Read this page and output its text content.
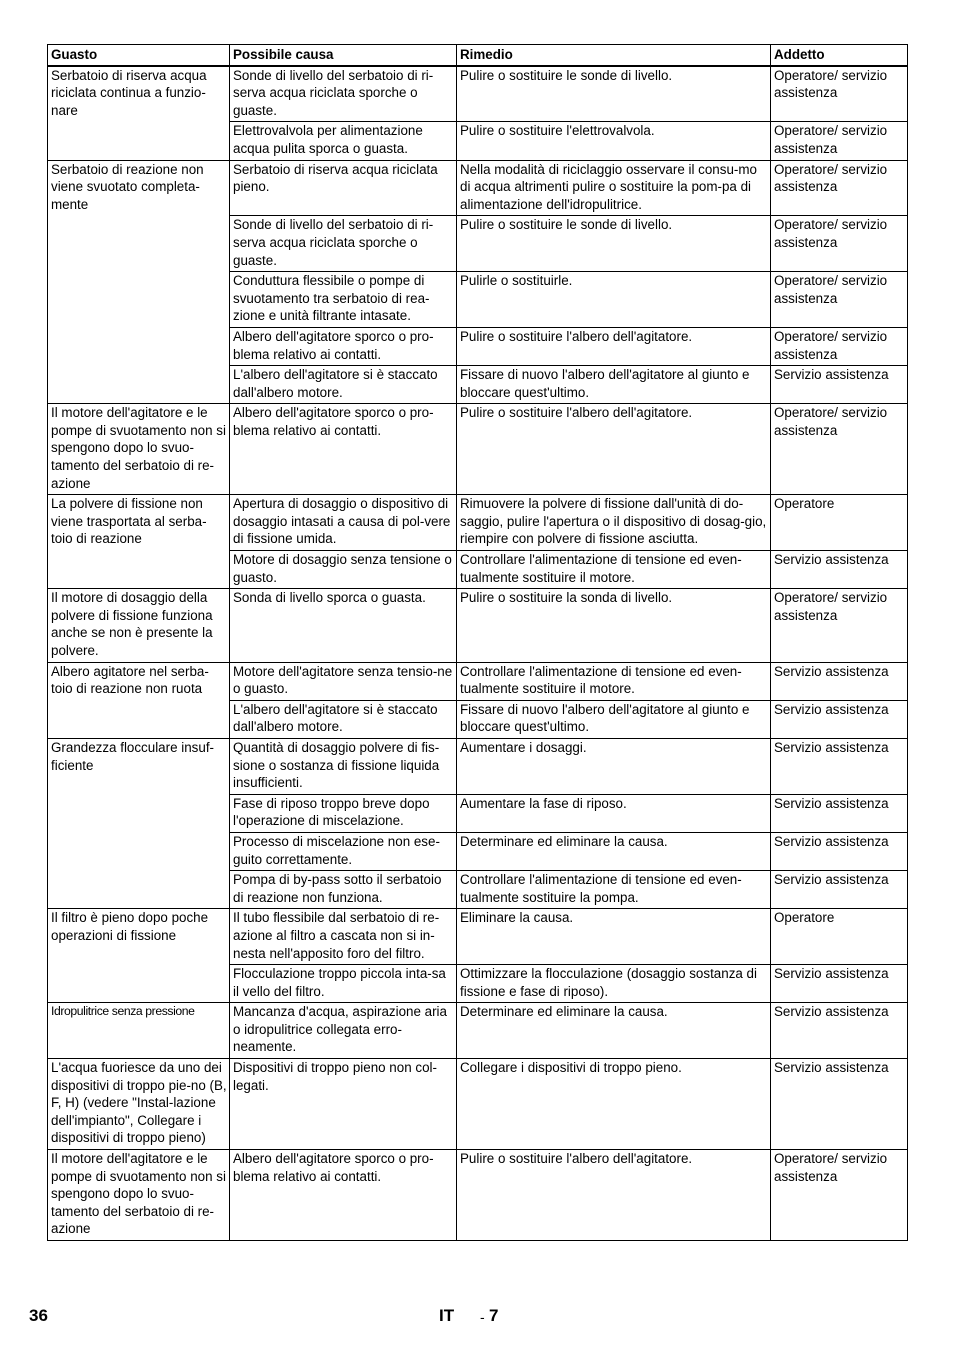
Guasto	Possibile causa	Rimedio	Addetto

Serbatoio di riserva acqua riciclata continua a funzio-nare	Sonde di livello del serbatoio di ri-serva acqua riciclata sporche o guaste.	Pulire o sostituire le sonde di livello.	Operatore/ servizio assistenza

	Elettrovalvola per alimentazione acqua pulita sporca o guasta.	Pulire o sostituire l'elettrovalvola.	Operatore/ servizio assistenza

Serbatoio di reazione non viene svuotato completa-mente	Serbatoio di riserva acqua riciclata pieno.	Nella modalità di riciclaggio osservare il consu-mo di acqua altrimenti pulire o sostituire la pom-pa di alimentazione dell'idropulitrice.	Operatore/ servizio assistenza

	Sonde di livello del serbatoio di ri-serva acqua riciclata sporche o guaste.	Pulire o sostituire le sonde di livello.	Operatore/ servizio assistenza

	Conduttura flessibile o pompe di svuotamento tra serbatoio di rea-zione e unità filtrante intasate.	Pulirle o sostituirle.	Operatore/ servizio assistenza

	Albero dell'agitatore sporco o pro-blema relativo ai contatti.	Pulire o sostituire l'albero dell'agitatore.	Operatore/ servizio assistenza

	L'albero dell'agitatore si è staccato dall'albero motore.	Fissare di nuovo l'albero dell'agitatore al giunto e bloccare quest'ultimo.	Servizio assistenza

Il motore dell'agitatore e le pompe di svuotamento non si spengono dopo lo svuo-tamento del serbatoio di re-azione	Albero dell'agitatore sporco o pro-blema relativo ai contatti.	Pulire o sostituire l'albero dell'agitatore.	Operatore/ servizio assistenza

La polvere di fissione non viene trasportata al serba-toio di reazione	Apertura di dosaggio o dispositivo di dosaggio intasati a causa di pol-vere di fissione umida.	Rimuovere la polvere di fissione dall'unità di do-saggio, pulire l'apertura o il dispositivo di dosag-gio, riempire con polvere di fissione asciutta.	Operatore

	Motore di dosaggio senza tensione o guasto.	Controllare l'alimentazione di tensione ed even-tualmente sostituire il motore.	Servizio assistenza

Il motore di dosaggio della polvere di fissione funziona anche se non è presente la polvere.	Sonda di livello sporca o guasta.	Pulire o sostituire la sonda di livello.	Operatore/ servizio assistenza

Albero agitatore nel serba-toio di reazione non ruota	Motore dell'agitatore senza tensio-ne o guasto.	Controllare l'alimentazione di tensione ed even-tualmente sostituire il motore.	Servizio assistenza

	L'albero dell'agitatore si è staccato dall'albero motore.	Fissare di nuovo l'albero dell'agitatore al giunto e bloccare quest'ultimo.	Servizio assistenza

Grandezza flocculare insuf-ficiente	Quantità di dosaggio polvere di fis-sione o sostanza di fissione liquida insufficienti.	Aumentare i dosaggi.	Servizio assistenza

	Fase di riposo troppo breve dopo l'operazione di miscelazione.	Aumentare la fase di riposo.	Servizio assistenza

	Processo di miscelazione non ese-guito correttamente.	Determinare ed eliminare la causa.	Servizio assistenza

	Pompa di by-pass sotto il serbatoio di reazione non funziona.	Controllare l'alimentazione di tensione ed even-tualmente sostituire la pompa.	Servizio assistenza

Il filtro è pieno dopo poche operazioni di fissione	Il tubo flessibile dal serbatoio di re-azione al filtro a cascata non si in-nesta nell'apposito foro del filtro.	Eliminare la causa.	Operatore

	Flocculazione troppo piccola inta-sa il vello del filtro.	Ottimizzare la flocculazione (dosaggio sostanza di fissione e fase di riposo).	Servizio assistenza

Idropulitrice senza pressione	Mancanza d'acqua, aspirazione aria o idropulitrice collegata erro-neamente.	Determinare ed eliminare la causa.	Servizio assistenza

L'acqua fuoriesce da uno dei dispositivi di troppo pie-no (B, F, H) (vedere "Instal-lazione dell'impianto", Collegare i dispositivi di troppo pieno)	Dispositivi di troppo pieno non col-legati.	Collegare i dispositivi di troppo pieno.	Servizio assistenza

Il motore dell'agitatore e le pompe di svuotamento non si spengono dopo lo svuo-tamento del serbatoio di re-azione	Albero dell'agitatore sporco o pro-blema relativo ai contatti.	Pulire o sostituire l'albero dell'agitatore.	Operatore/ servizio assistenza
36	IT - 7
